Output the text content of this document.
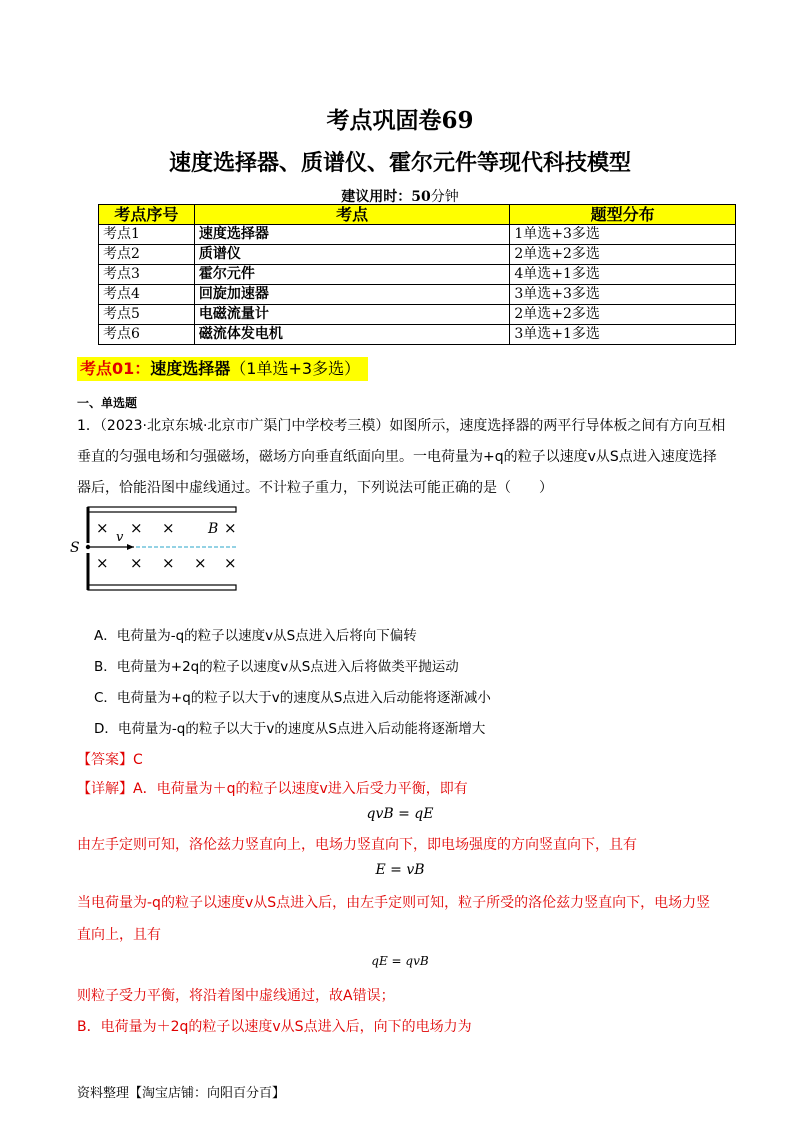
考点巩固卷69
速度选择器、质谱仪、霍尔元件等现代科技模型
建议用时：50分钟
考点序号	考点	题型分布
考点1	速度选择器	1单选+3多选
考点2	质谱仪	2单选+2多选
考点3	霍尔元件	4单选+1多选
考点4	回旋加速器	3单选+3多选
考点5	电磁流量计	2单选+2多选
考点6	磁流体发电机	3单选+1多选
考点01：速度选择器（1单选+3多选）
一、单选题
1．（2023·北京东城·北京市广渠门中学校考三模）如图所示，速度选择器的两平行导体板之间有方向互相
垂直的匀强电场和匀强磁场，磁场方向垂直纸面向里。一电荷量为+q的粒子以速度v从S点进入速度选择
器后，恰能沿图中虚线通过。不计粒子重力，下列说法可能正确的是（　　）
S
v
B
× × ×	×
× × × × ×
A．电荷量为-q的粒子以速度v从S点进入后将向下偏转
B．电荷量为+2q的粒子以速度v从S点进入后将做类平抛运动
C．电荷量为+q的粒子以大于v的速度从S点进入后动能将逐渐减小
D．电荷量为-q的粒子以大于v的速度从S点进入后动能将逐渐增大
【答案】C
【详解】A．电荷量为＋q的粒子以速度v进入后受力平衡，即有
qvB = qE
由左手定则可知，洛伦兹力竖直向上，电场力竖直向下，即电场强度的方向竖直向下，且有
E = vB
当电荷量为-q的粒子以速度v从S点进入后，由左手定则可知，粒子所受的洛伦兹力竖直向下，电场力竖
直向上，且有
qE = qvB
则粒子受力平衡，将沿着图中虚线通过，故A错误；
B．电荷量为＋2q的粒子以速度v从S点进入后，向下的电场力为
资料整理【淘宝店铺：向阳百分百】
